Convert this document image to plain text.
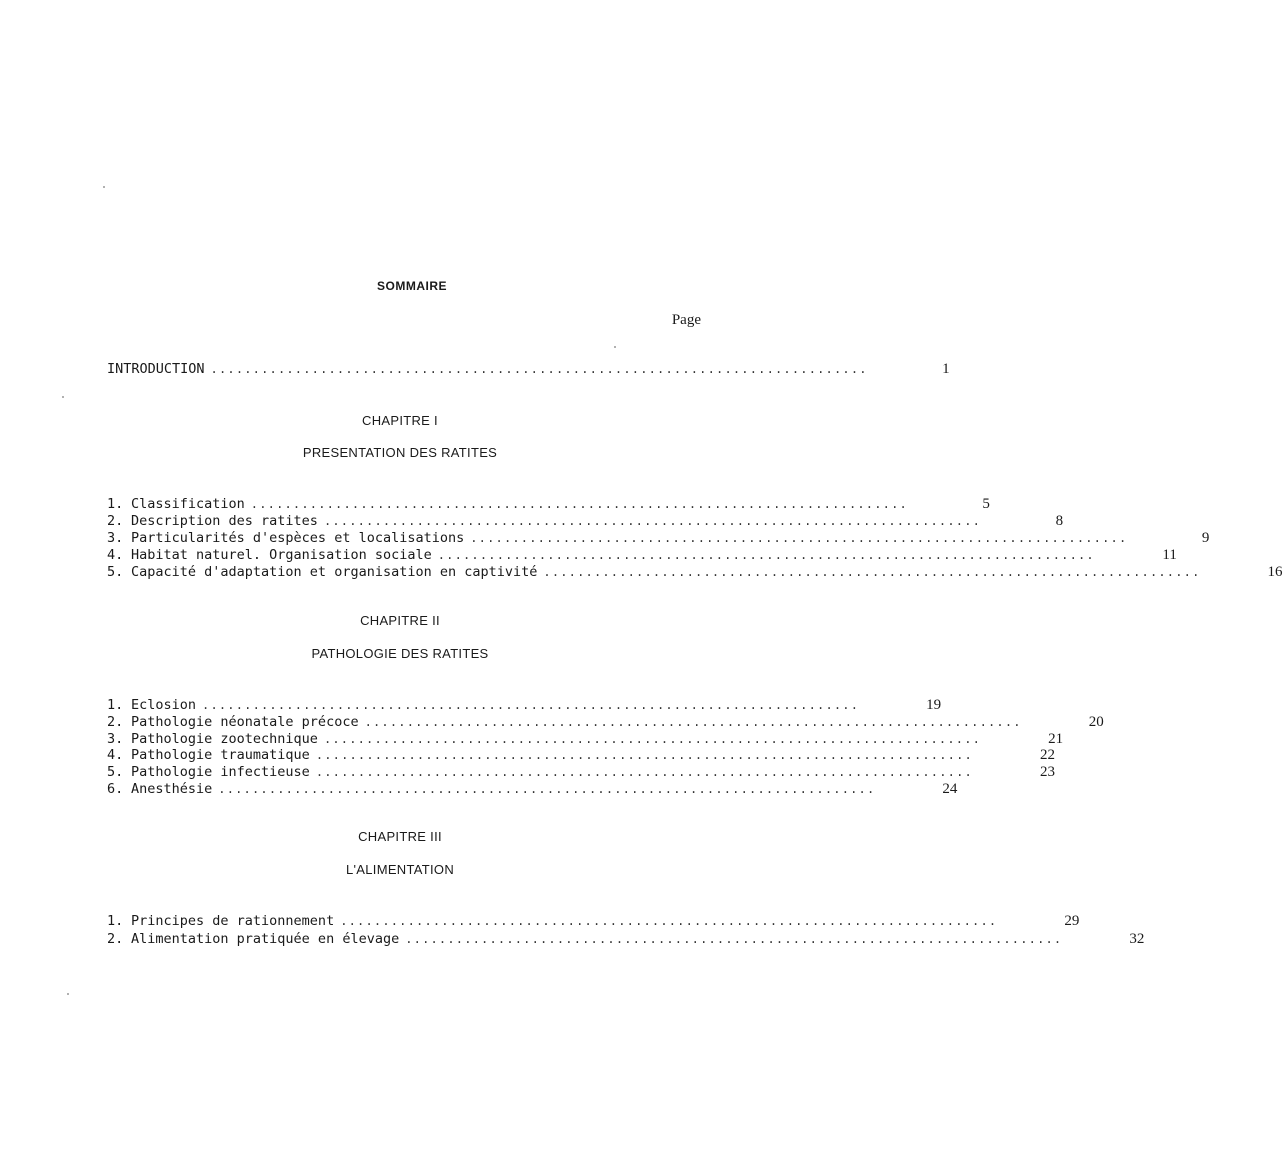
SOMMAIRE
Page
INTRODUCTION ..............................................................................	1
CHAPITRE I
PRESENTATION DES RATITES
1. Classification ..............................................................................	5
2. Description des ratites ..............................................................................	8
3. Particularités d'espèces et localisations ..............................................................................	9
4. Habitat naturel. Organisation sociale ..............................................................................	11
5. Capacité d'adaptation et organisation en captivité ..............................................................................	16
CHAPITRE II
PATHOLOGIE DES RATITES
1. Eclosion ..............................................................................	19
2. Pathologie néonatale précoce ..............................................................................	20
3. Pathologie zootechnique ..............................................................................	21
4. Pathologie traumatique ..............................................................................	22
5. Pathologie infectieuse ..............................................................................	23
6. Anesthésie ..............................................................................	24
CHAPITRE III
L'ALIMENTATION
1. Principes de rationnement ..............................................................................	29
2. Alimentation pratiquée en élevage ..............................................................................	32
